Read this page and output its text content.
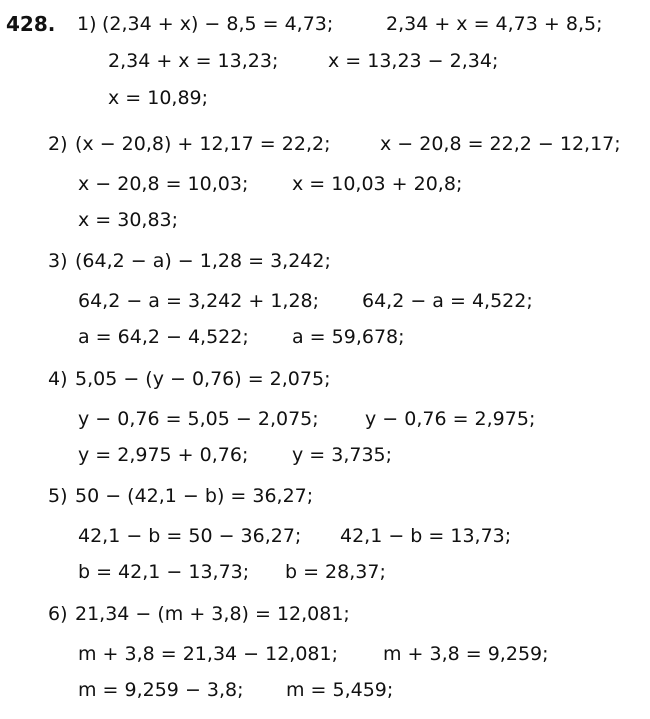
428. 1) (2,34 + x) − 8,5 = 4,73;	2,34 + x = 4,73 + 8,5;
2,34 + x = 13,23;	x = 13,23 − 2,34;
x = 10,89;
2) (x − 20,8) + 12,17 = 22,2;	x − 20,8 = 22,2 − 12,17;
x − 20,8 = 10,03; x = 10,03 + 20,8;
x = 30,83;
3) (64,2 − a) − 1,28 = 3,242;
64,2 − a = 3,242 + 1,28; 64,2 − a = 4,522;
a = 64,2 − 4,522; a = 59,678;
4) 5,05 − (y − 0,76) = 2,075;
y − 0,76 = 5,05 − 2,075; y − 0,76 = 2,975;
y = 2,975 + 0,76; y = 3,735;
5) 50 − (42,1 − b) = 36,27;
42,1 − b = 50 − 36,27; 42,1 − b = 13,73;
b = 42,1 − 13,73; b = 28,37;
6) 21,34 − (m + 3,8) = 12,081;
m + 3,8 = 21,34 − 12,081; m + 3,8 = 9,259;
m = 9,259 − 3,8; m = 5,459;
